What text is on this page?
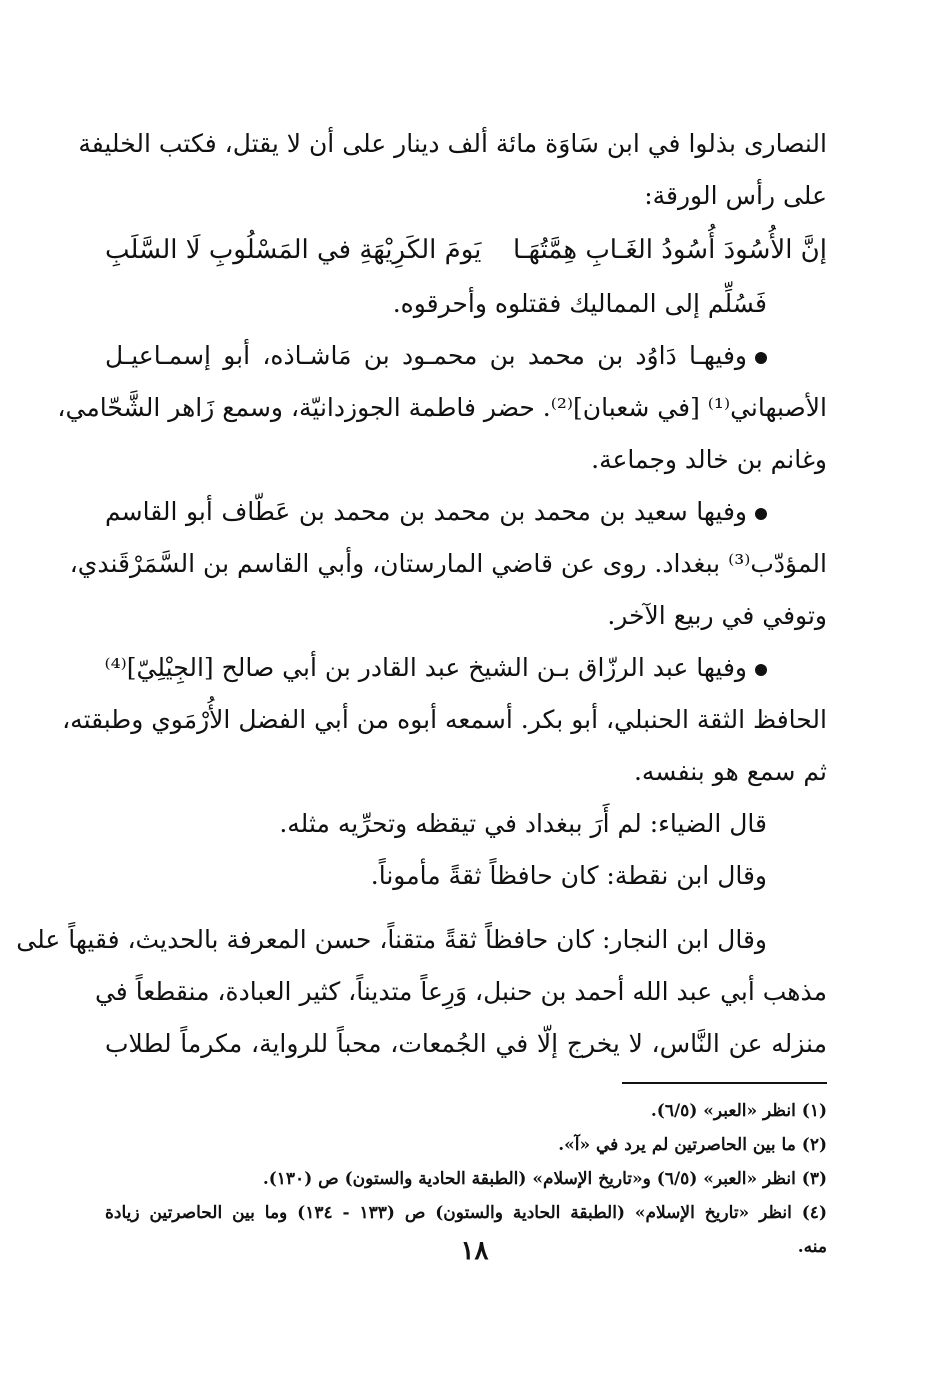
النصارى بذلوا في ابن سَاوَة مائة ألف دينار على أن لا يقتل، فكتب الخليفة
على رأس الورقة:
إنَّ الأُسُودَ أُسُودُ الغَـابِ هِمَّتُهَـا
يَومَ الكَرِيْهَةِ في المَسْلُوبِ لَا السَّلَبِ
فَسُلِّم إلى المماليك فقتلوه وأحرقوه.
وفيهـا دَاوُد بن محمد بن محمـود بن مَاشـاذه، أبو إسمـاعيـل
الأصبهاني⁽¹⁾ [في شعبان]⁽²⁾. حضر فاطمة الجوزدانيّة، وسمع زَاهر الشَّحّامي،
وغانم بن خالد وجماعة.
وفيها سعيد بن محمد بن محمد بن محمد بن عَطّاف أبو القاسم
المؤدّب⁽³⁾ ببغداد. روى عن قاضي المارستان، وأبي القاسم بن السَّمَرْقَندي،
وتوفي في ربيع الآخر.
وفيها عبد الرزّاق بـن الشيخ عبد القادر بن أبي صالح [الجِيْلِيّ]⁽⁴⁾
الحافظ الثقة الحنبلي، أبو بكر. أسمعه أبوه من أبي الفضل الأُرْمَوي وطبقته،
ثم سمع هو بنفسه.
قال الضياء: لم أَرَ ببغداد في تيقظه وتحرِّيه مثله.
وقال ابن نقطة: كان حافظاً ثقةً مأموناً.
وقال ابن النجار: كان حافظاً ثقةً متقناً، حسن المعرفة بالحديث، فقيهاً على
مذهب أبي عبد الله أحمد بن حنبل، وَرِعاً متديناً، كثير العبادة، منقطعاً في
منزله عن النَّاس، لا يخرج إلّا في الجُمعات، محباً للرواية، مكرماً لطلاب
(١) انظر «العبر» (٦/٥).
(٢) ما بين الحاصرتين لم يرد في «آ».
(٣) انظر «العبر» (٦/٥) و«تاريخ الإسلام» (الطبقة الحادية والستون) ص (١٣٠).
(٤) انظر «تاريخ الإسلام» (الطبقة الحادية والستون) ص (١٣٣ - ١٣٤) وما بين الحاصرتين زيادة
منه.
١٨
